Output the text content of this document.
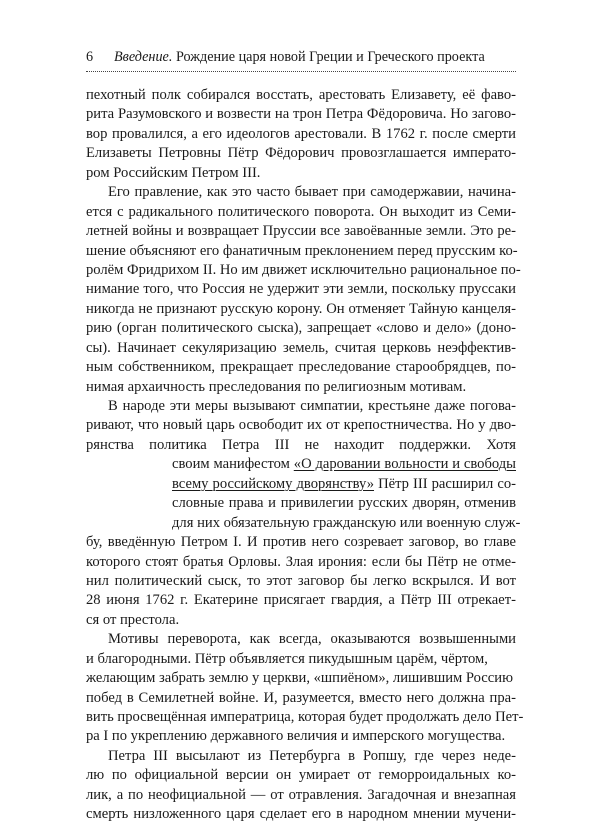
6 Введение. Рождение царя новой Греции и Греческого проекта
пехотный полк собирался восстать, арестовать Елизавету, её фаво-
рита Разумовского и возвести на трон Петра Фёдоровича. Но загово-
вор провалился, а его идеологов арестовали. В 1762 г. после смерти
Елизаветы Петровны Пётр Фёдорович провозглашается императо-
ром Российским Петром III.
Его правление, как это часто бывает при самодержавии, начина-
ется с радикального политического поворота. Он выходит из Семи-
летней войны и возвращает Пруссии все завоёванные земли. Это ре-
шение объясняют его фанатичным преклонением перед прусским ко-
ролём Фридрихом II. Но им движет исключительно рациональное по-
нимание того, что Россия не удержит эти земли, поскольку пруссаки
никогда не признают русскую корону. Он отменяет Тайную канцеля-
рию (орган политического сыска), запрещает «слово и дело» (доно-
сы). Начинает секуляризацию земель, считая церковь неэффектив-
ным собственником, прекращает преследование старообрядцев, по-
нимая архаичность преследования по религиозным мотивам.
В народе эти меры вызывают симпатии, крестьяне даже погова-
ривают, что новый царь освободит их от крепостничества. Но у дво-
рянства политика Петра III не находит поддержки. Хотя
своим манифестом «О даровании вольности и свободы
всему российскому дворянству» Пётр III расширил со-
словные права и привилегии русских дворян, отменив
для них обязательную гражданскую или военную служ-
бу, введённую Петром I. И против него созревает заговор, во главе
которого стоят братья Орловы. Злая ирония: если бы Пётр не отме-
нил политический сыск, то этот заговор бы легко вскрылся. И вот
28 июня 1762 г. Екатерине присягает гвардия, а Пётр III отрекает-
ся от престола.
Мотивы переворота, как всегда, оказываются возвышенными
и благородными. Пётр объявляется пикудышным царём, чёртом,
желающим забрать землю у церкви, «шпиёном», лишившим Россию
побед в Семилетней войне. И, разумеется, вместо него должна пра-
вить просвещённая императрица, которая будет продолжать дело Пет-
ра I по укреплению державного величия и имперского могущества.
Петра III высылают из Петербурга в Ропшу, где через неде-
лю по официальной версии он умирает от геморроидальных ко-
лик, а по неофициальной — от отравления. Загадочная и внезапная
смерть низложенного царя сделает его в народном мнении мучени-
